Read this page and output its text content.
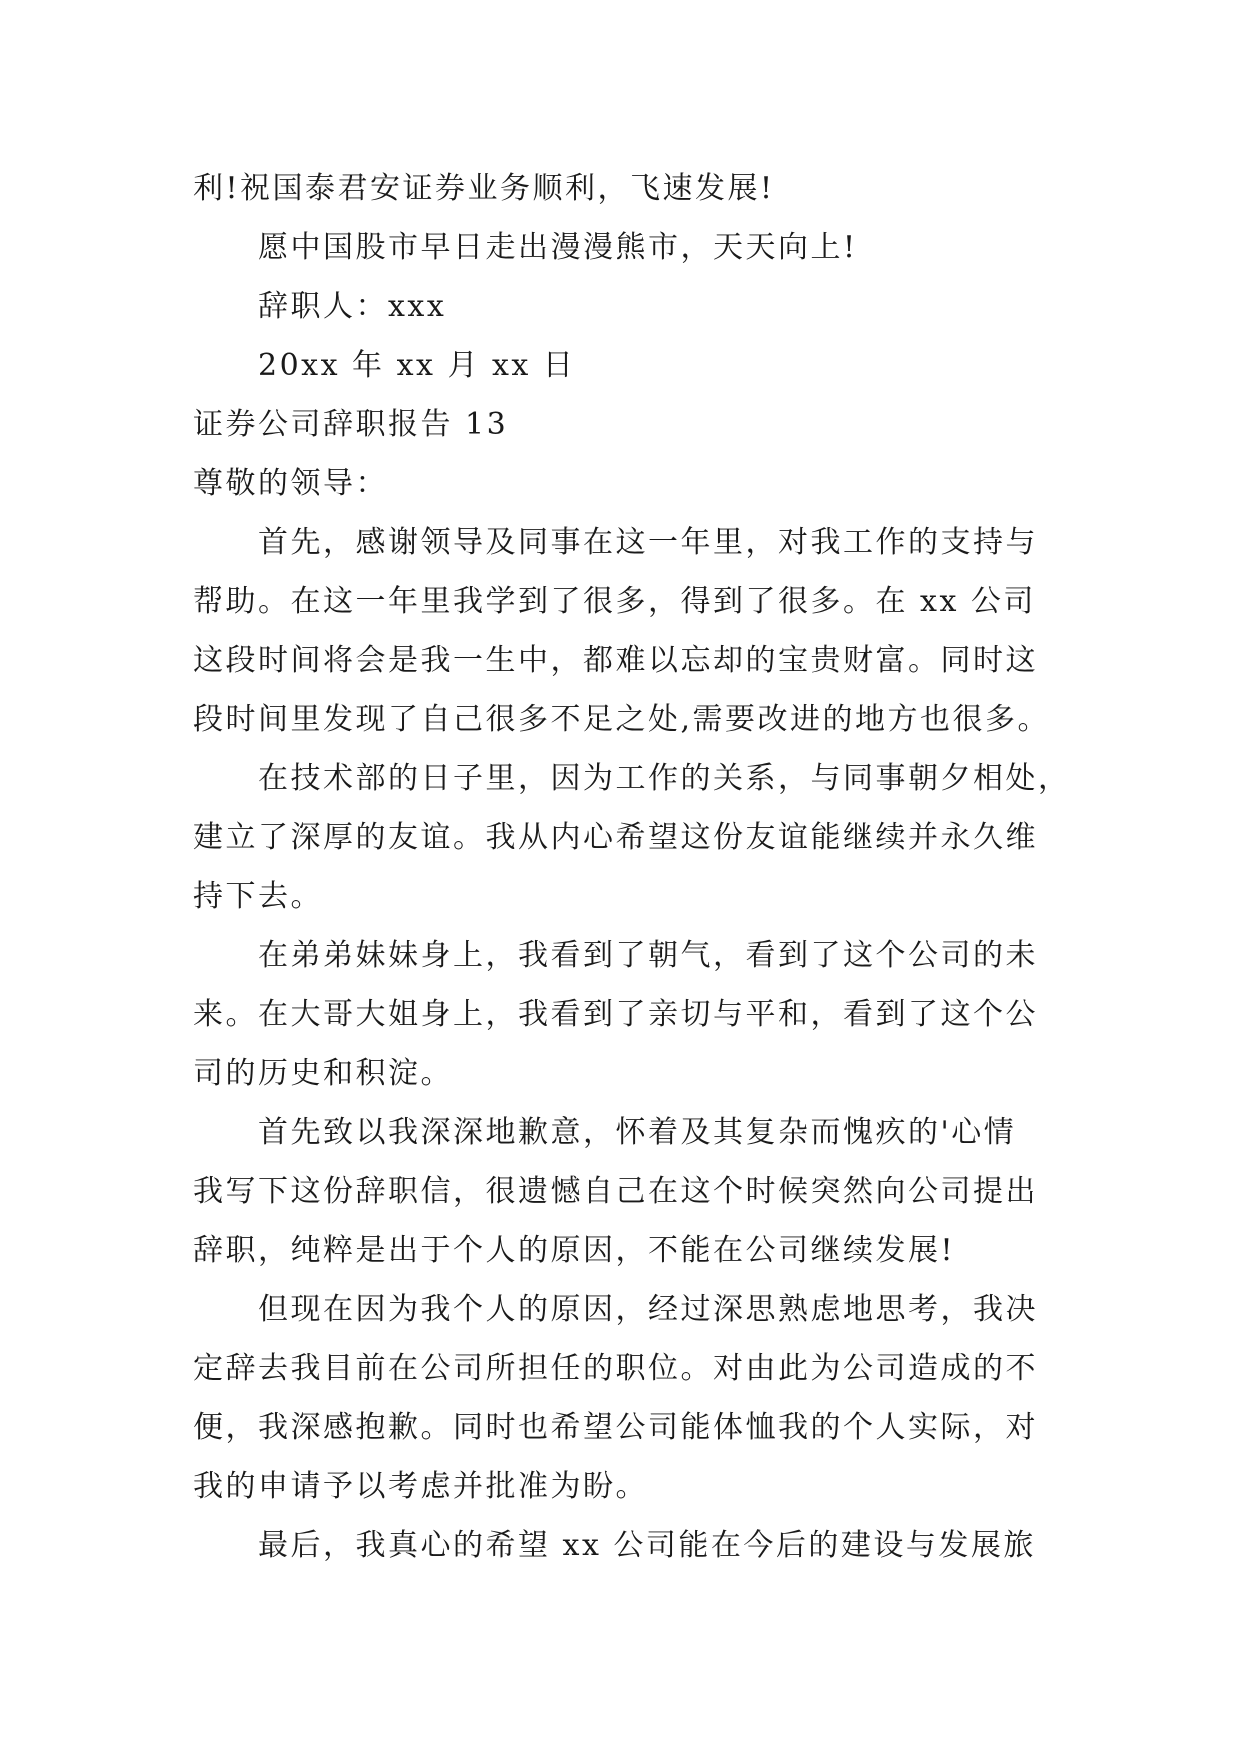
利!祝国泰君安证券业务顺利，飞速发展!
愿中国股市早日走出漫漫熊市，天天向上!
辞职人：xxx
20xx 年 xx 月 xx 日
证券公司辞职报告 13
尊敬的领导：
首先，感谢领导及同事在这一年里，对我工作的支持与
帮助。在这一年里我学到了很多，得到了很多。在 xx 公司
这段时间将会是我一生中，都难以忘却的宝贵财富。同时这
段时间里发现了自己很多不足之处,需要改进的地方也很多。
在技术部的日子里，因为工作的关系，与同事朝夕相处，
建立了深厚的友谊。我从内心希望这份友谊能继续并永久维
持下去。
在弟弟妹妹身上，我看到了朝气，看到了这个公司的未
来。在大哥大姐身上，我看到了亲切与平和，看到了这个公
司的历史和积淀。
首先致以我深深地歉意，怀着及其复杂而愧疚的'心情
我写下这份辞职信，很遗憾自己在这个时候突然向公司提出
辞职，纯粹是出于个人的原因，不能在公司继续发展!
但现在因为我个人的原因，经过深思熟虑地思考，我决
定辞去我目前在公司所担任的职位。对由此为公司造成的不
便，我深感抱歉。同时也希望公司能体恤我的个人实际，对
我的申请予以考虑并批准为盼。
最后，我真心的希望 xx 公司能在今后的建设与发展旅
